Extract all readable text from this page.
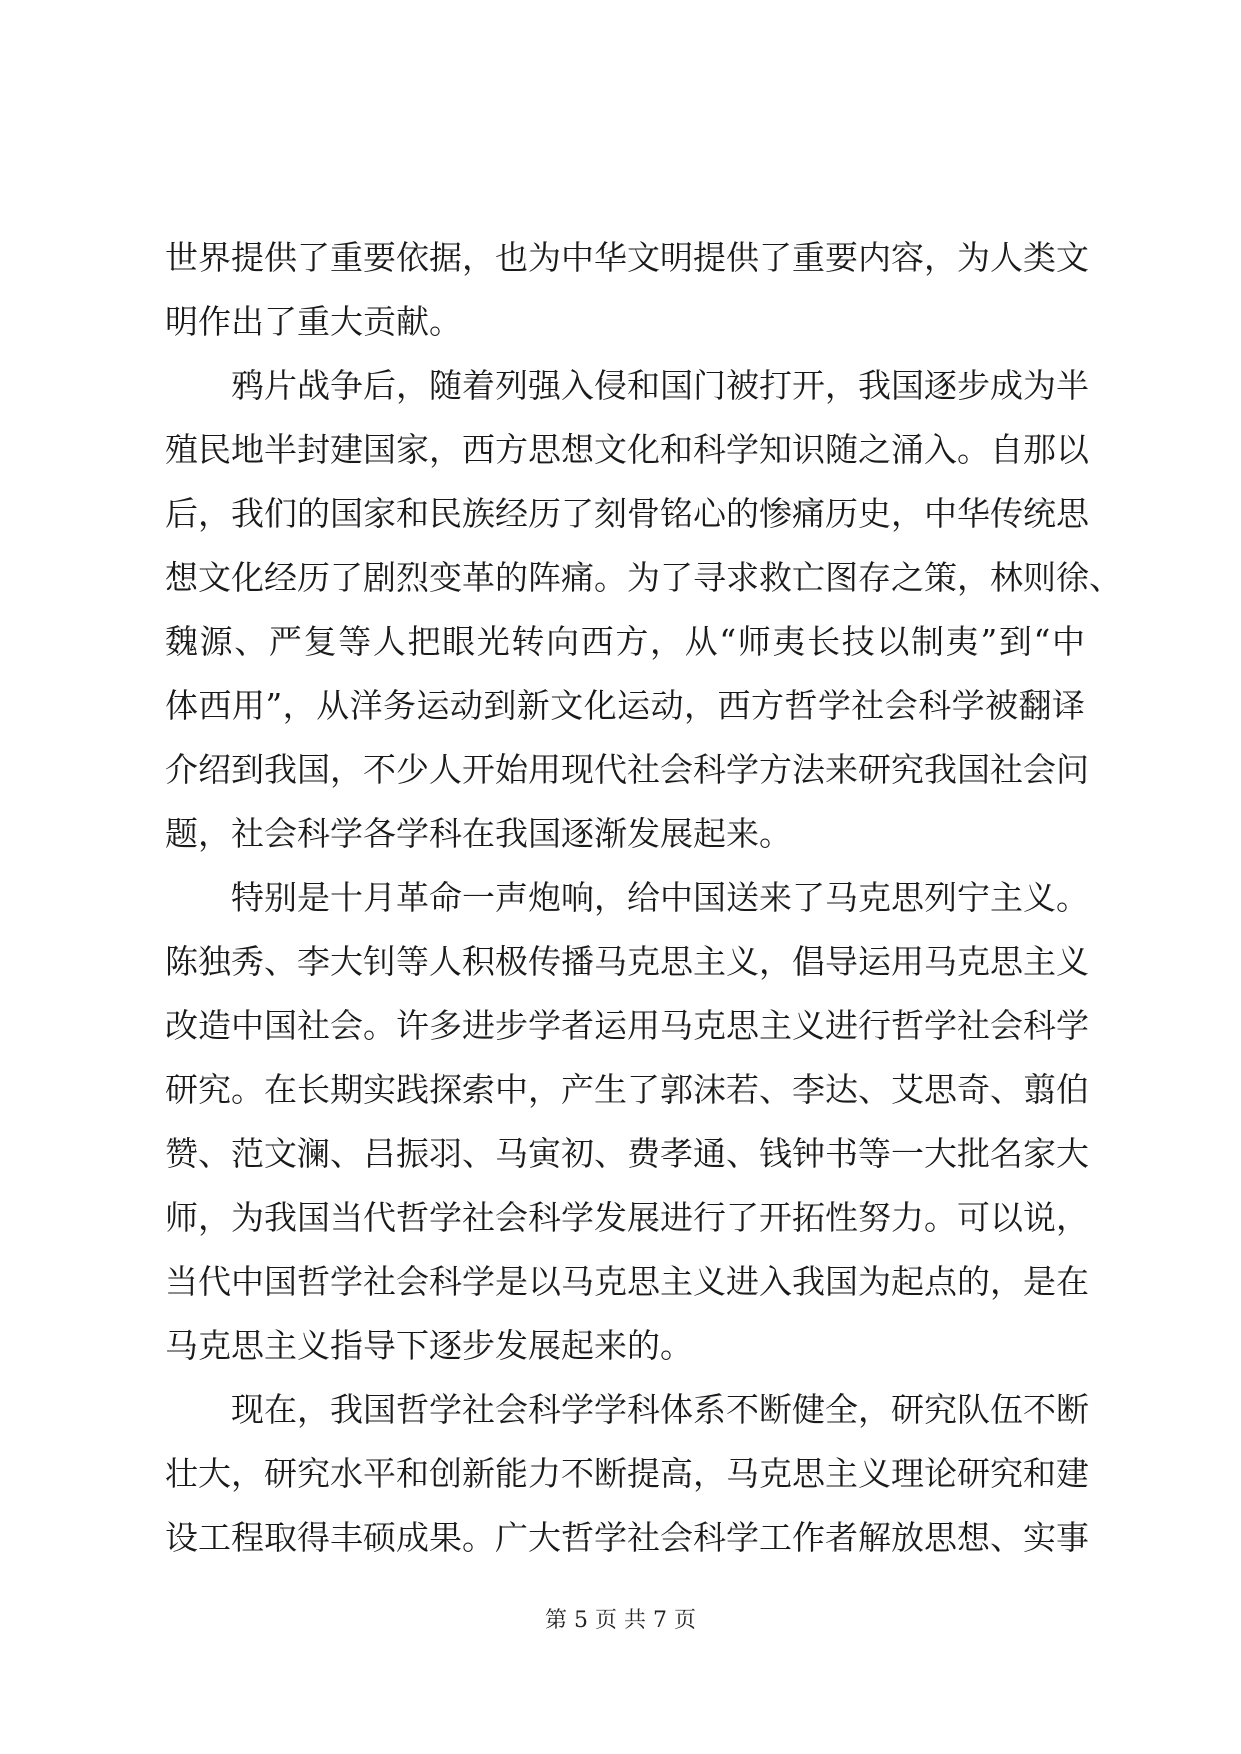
世界提供了重要依据，也为中华文明提供了重要内容，为人类文
明作出了重大贡献。
鸦片战争后，随着列强入侵和国门被打开，我国逐步成为半
殖民地半封建国家，西方思想文化和科学知识随之涌入。自那以
后，我们的国家和民族经历了刻骨铭心的惨痛历史，中华传统思
想文化经历了剧烈变革的阵痛。为了寻求救亡图存之策，林则徐、
魏源、严复等人把眼光转向西方，从“师夷长技以制夷”到“中
体西用”，从洋务运动到新文化运动，西方哲学社会科学被翻译
介绍到我国，不少人开始用现代社会科学方法来研究我国社会问
题，社会科学各学科在我国逐渐发展起来。
特别是十月革命一声炮响，给中国送来了马克思列宁主义。
陈独秀、李大钊等人积极传播马克思主义，倡导运用马克思主义
改造中国社会。许多进步学者运用马克思主义进行哲学社会科学
研究。在长期实践探索中，产生了郭沫若、李达、艾思奇、翦伯
赞、范文澜、吕振羽、马寅初、费孝通、钱钟书等一大批名家大
师，为我国当代哲学社会科学发展进行了开拓性努力。可以说，
当代中国哲学社会科学是以马克思主义进入我国为起点的，是在
马克思主义指导下逐步发展起来的。
现在，我国哲学社会科学学科体系不断健全，研究队伍不断
壮大，研究水平和创新能力不断提高，马克思主义理论研究和建
设工程取得丰硕成果。广大哲学社会科学工作者解放思想、实事
第 5 页 共 7 页
